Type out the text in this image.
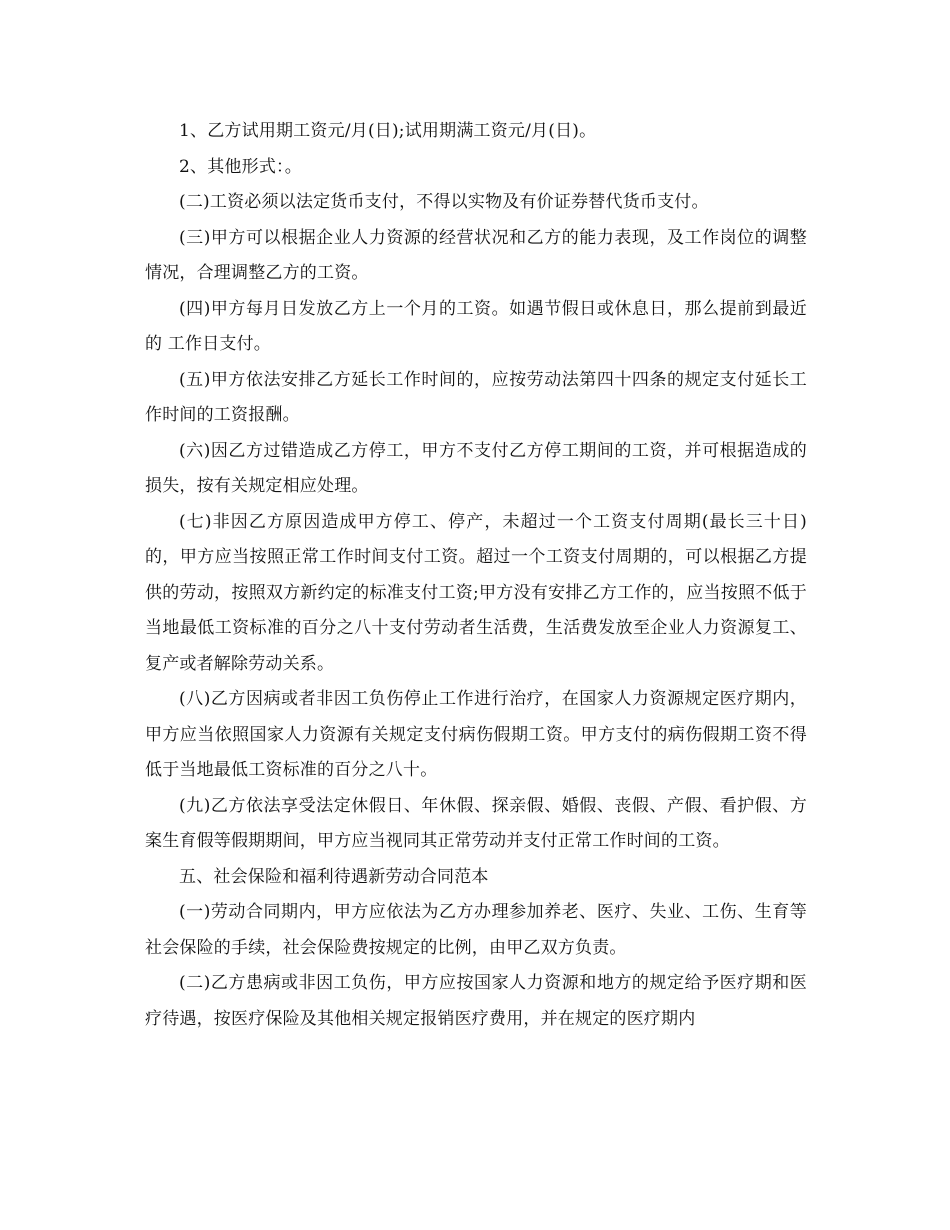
1、乙方试用期工资元/月(日);试用期满工资元/月(日)。

2、其他形式：。

(二)工资必须以法定货币支付，不得以实物及有价证券替代货币支付。

(三)甲方可以根据企业人力资源的经营状况和乙方的能力表现，及工作岗位的调整情况，合理调整乙方的工资。

(四)甲方每月日发放乙方上一个月的工资。如遇节假日或休息日，那么提前到最近的 工作日支付。

(五)甲方依法安排乙方延长工作时间的，应按劳动法第四十四条的规定支付延长工作时间的工资报酬。

(六)因乙方过错造成乙方停工，甲方不支付乙方停工期间的工资，并可根据造成的损失，按有关规定相应处理。

(七)非因乙方原因造成甲方停工、停产，未超过一个工资支付周期(最长三十日)的，甲方应当按照正常工作时间支付工资。超过一个工资支付周期的，可以根据乙方提供的劳动，按照双方新约定的标准支付工资;甲方没有安排乙方工作的，应当按照不低于当地最低工资标准的百分之八十支付劳动者生活费，生活费发放至企业人力资源复工、复产或者解除劳动关系。

(八)乙方因病或者非因工负伤停止工作进行治疗，在国家人力资源规定医疗期内，甲方应当依照国家人力资源有关规定支付病伤假期工资。甲方支付的病伤假期工资不得低于当地最低工资标准的百分之八十。

(九)乙方依法享受法定休假日、年休假、探亲假、婚假、丧假、产假、看护假、方案生育假等假期期间，甲方应当视同其正常劳动并支付正常工作时间的工资。

五、社会保险和福利待遇新劳动合同范本

(一)劳动合同期内，甲方应依法为乙方办理参加养老、医疗、失业、工伤、生育等社会保险的手续，社会保险费按规定的比例，由甲乙双方负责。

(二)乙方患病或非因工负伤，甲方应按国家人力资源和地方的规定给予医疗期和医疗待遇，按医疗保险及其他相关规定报销医疗费用，并在规定的医疗期内
